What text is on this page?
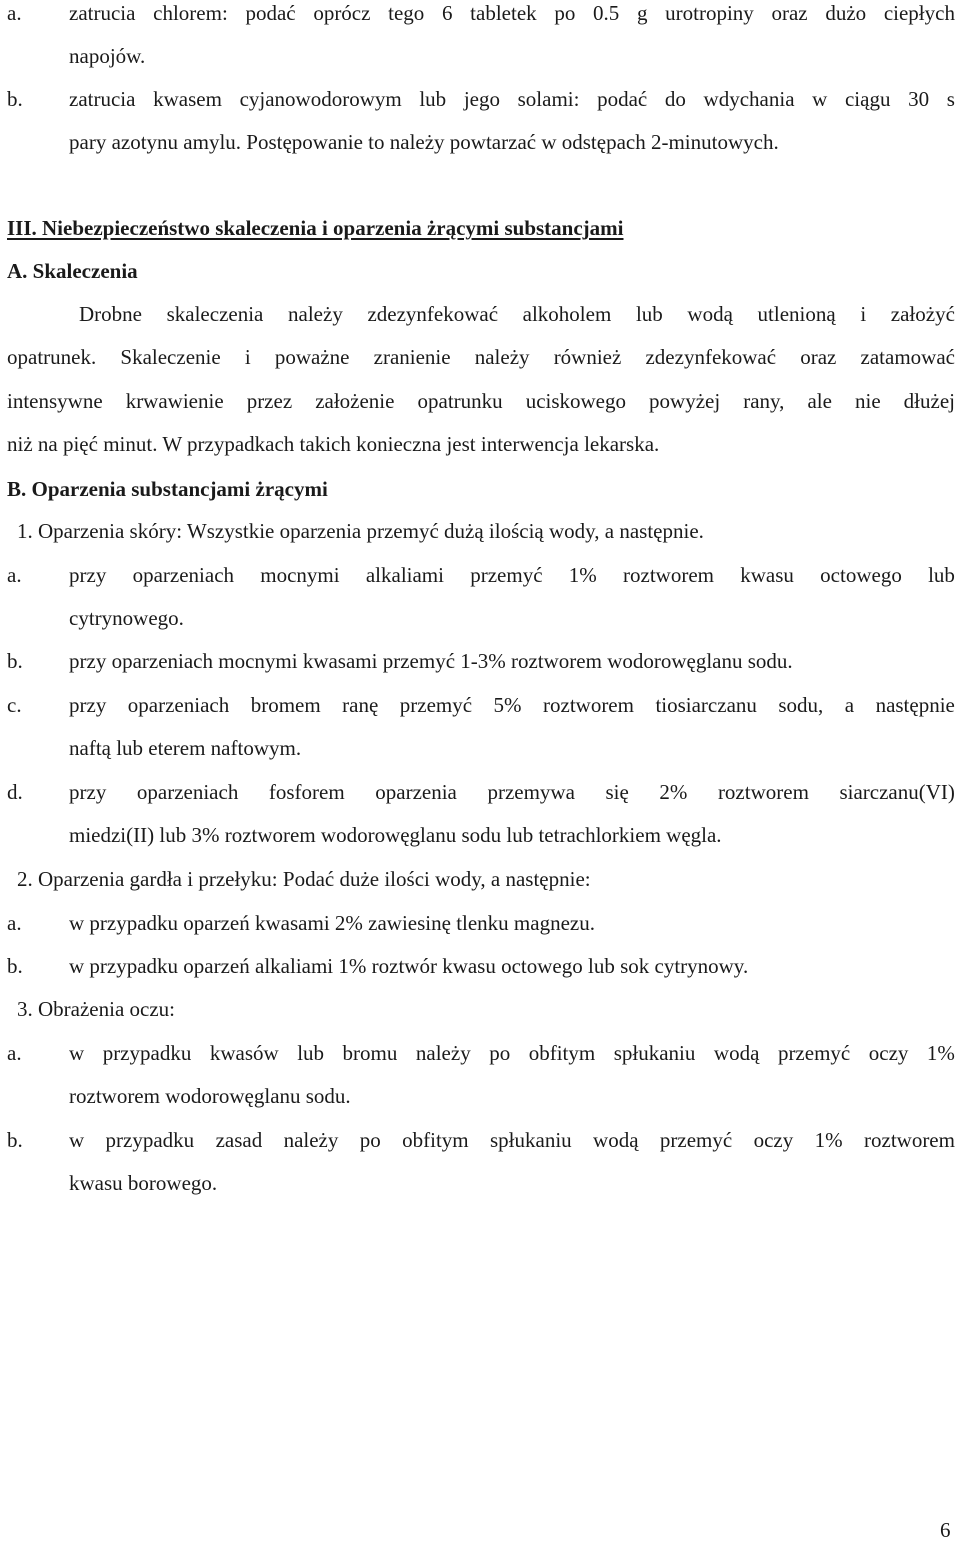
a. zatrucia chlorem: podać oprócz tego 6 tabletek po 0.5 g urotropiny oraz dużo ciepłych
napojów.
b. zatrucia kwasem cyjanowodorowym lub jego solami: podać do wdychania w ciągu 30 s
pary azotynu amylu. Postępowanie to należy powtarzać w odstępach 2-minutowych.
III. Niebezpieczeństwo skaleczenia i oparzenia żrącymi substancjami
A. Skaleczenia
Drobne skaleczenia należy zdezynfekować alkoholem lub wodą utlenioną i założyć
opatrunek. Skaleczenie i poważne zranienie należy również zdezynfekować oraz zatamować
intensywne krwawienie przez założenie opatrunku uciskowego powyżej rany, ale nie dłużej
niż na pięć minut. W przypadkach takich konieczna jest interwencja lekarska.
B. Oparzenia substancjami żrącymi
1. Oparzenia skóry: Wszystkie oparzenia przemyć dużą ilością wody, a następnie.
a. przy oparzeniach mocnymi alkaliami przemyć 1% roztworem kwasu octowego lub
cytrynowego.
b. przy oparzeniach mocnymi kwasami przemyć 1-3% roztworem wodorowęglanu sodu.
c. przy oparzeniach bromem ranę przemyć 5% roztworem tiosiarczanu sodu, a następnie
naftą lub eterem naftowym.
d. przy oparzeniach fosforem oparzenia przemywa się 2% roztworem siarczanu(VI)
miedzi(II) lub 3% roztworem wodorowęglanu sodu lub tetrachlorkiem węgla.
2. Oparzenia gardła i przełyku: Podać duże ilości wody, a następnie:
a. w przypadku oparzeń kwasami 2% zawiesinę tlenku magnezu.
b. w przypadku oparzeń alkaliami 1% roztwór kwasu octowego lub sok cytrynowy.
3. Obrażenia oczu:
a. w przypadku kwasów lub bromu należy po obfitym spłukaniu wodą przemyć oczy 1%
roztworem wodorowęglanu sodu.
b. w przypadku zasad należy po obfitym spłukaniu wodą przemyć oczy 1% roztworem
kwasu borowego.
6
